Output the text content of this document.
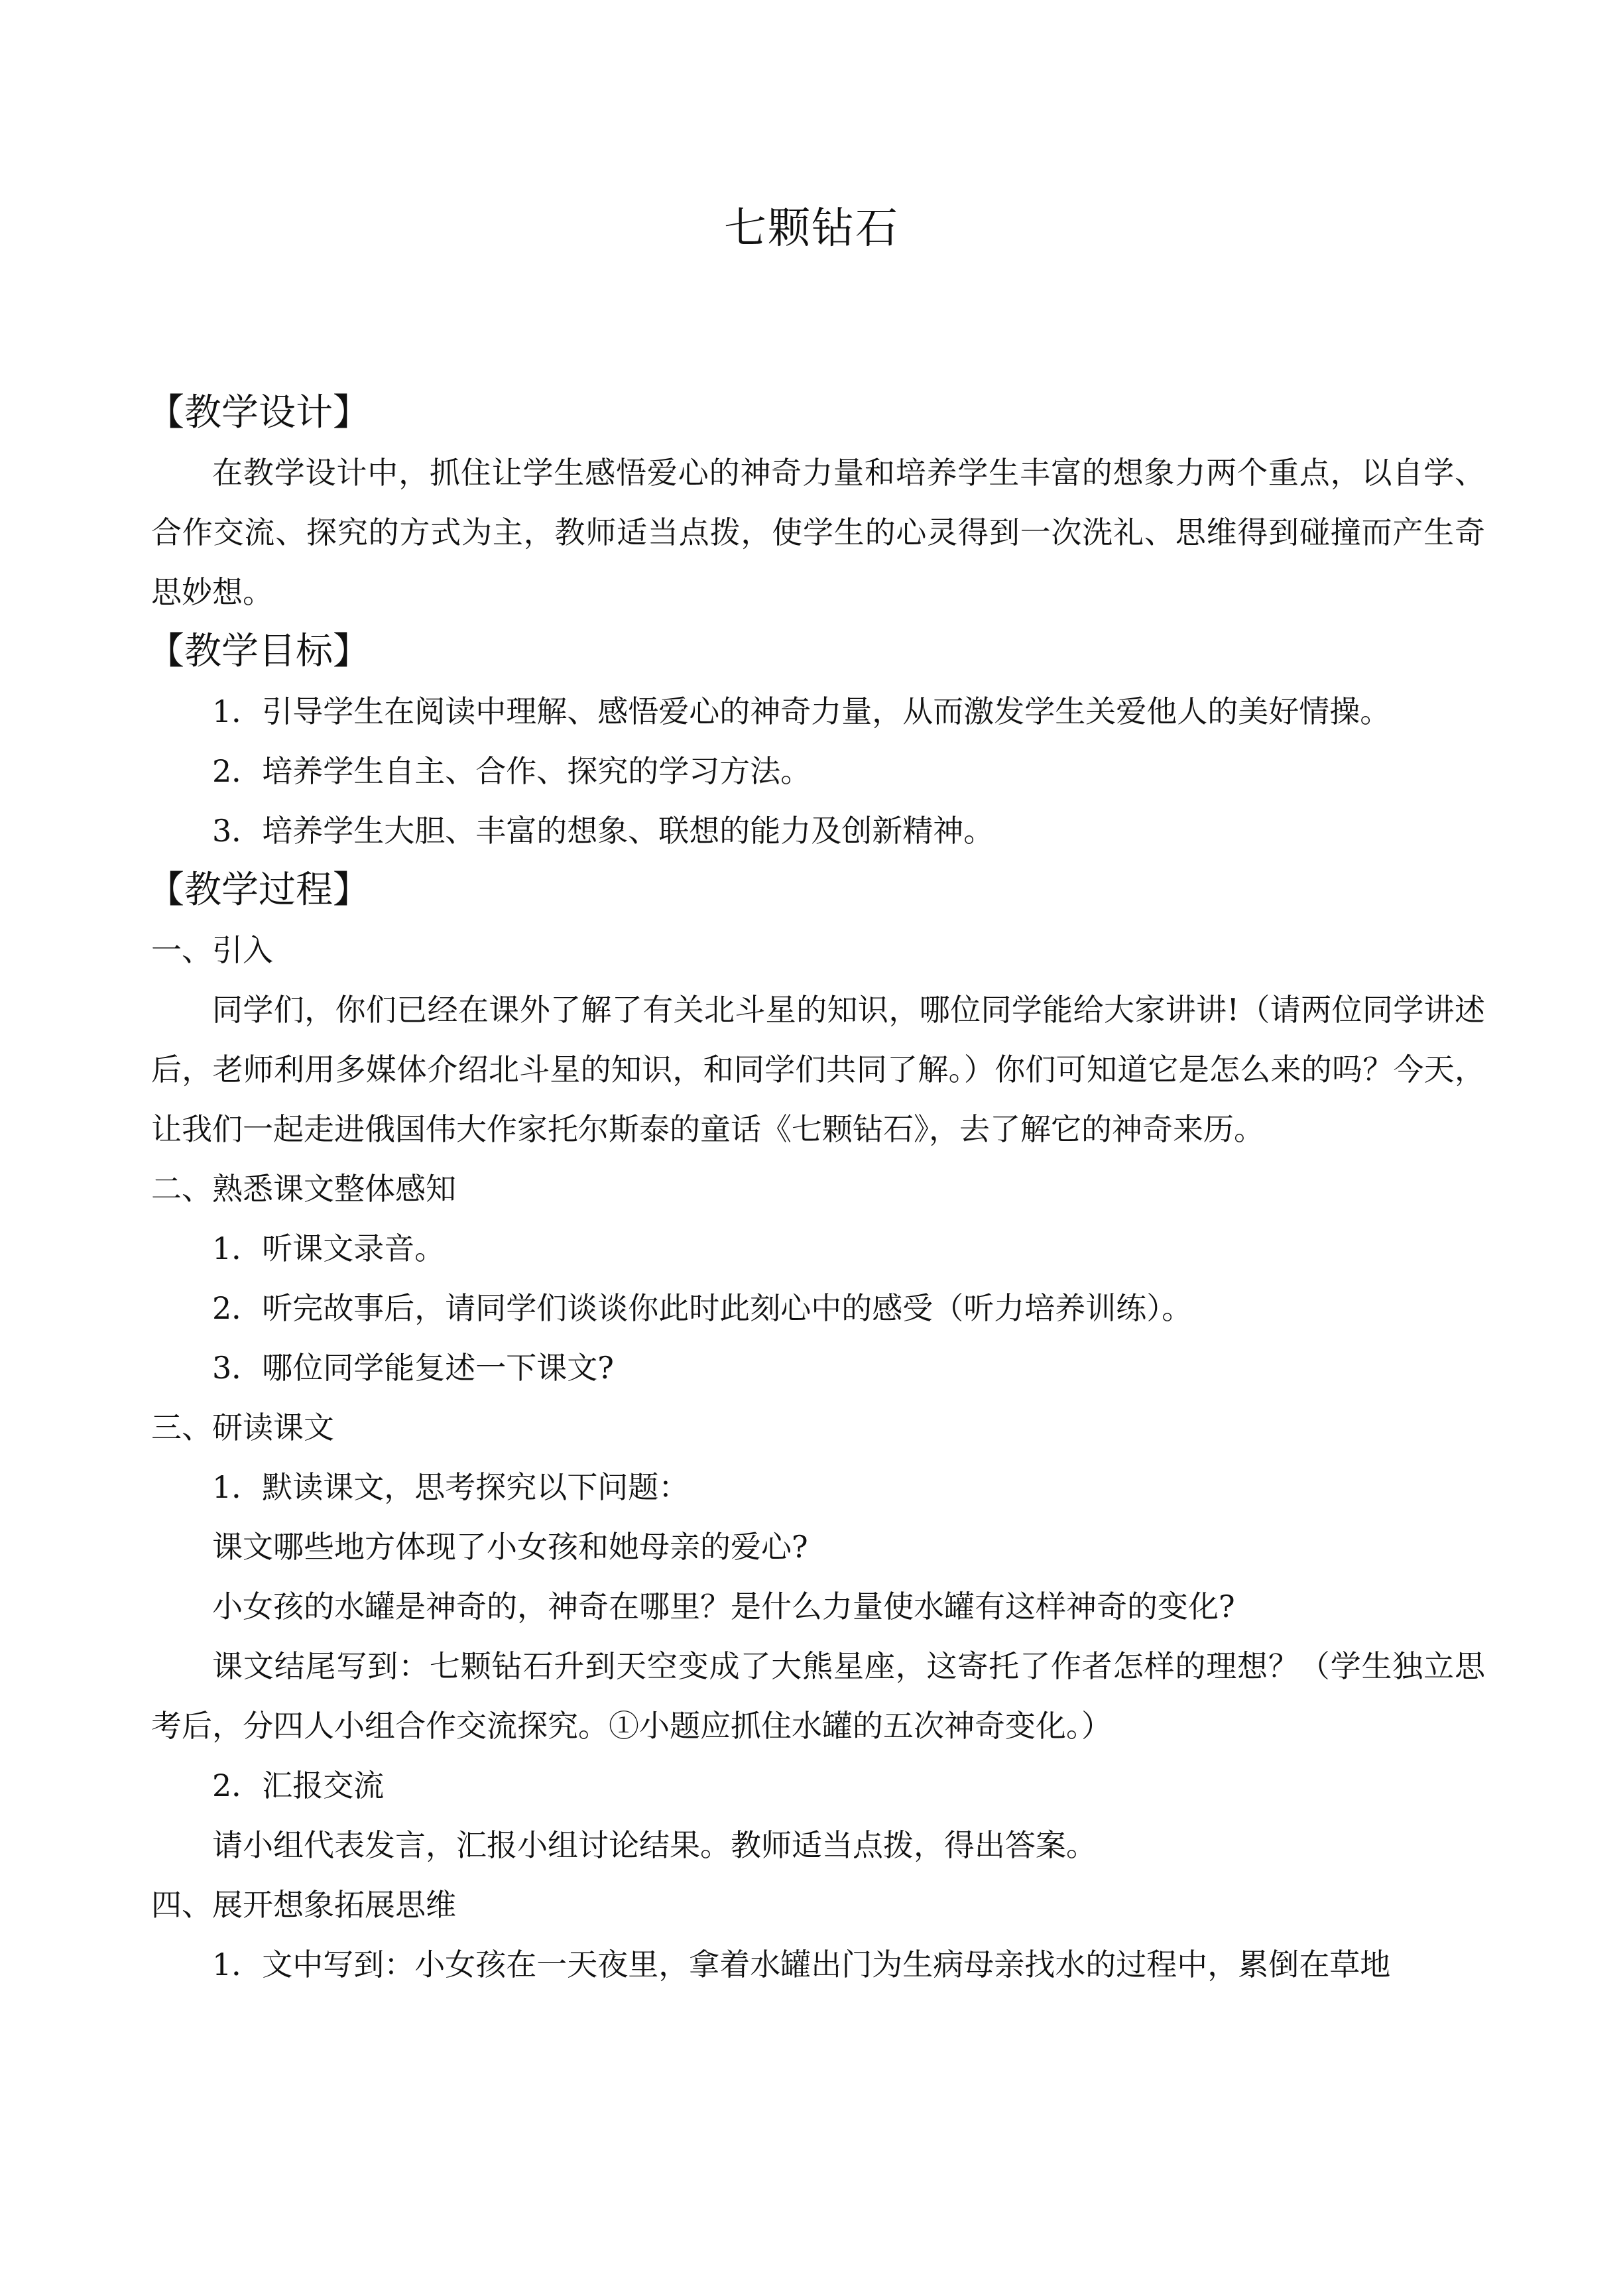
七颗钻石

【教学设计】

在教学设计中，抓住让学生感悟爱心的神奇力量和培养学生丰富的想象力两个重点，以自学、合作交流、探究的方式为主，教师适当点拨，使学生的心灵得到一次洗礼、思维得到碰撞而产生奇思妙想。

【教学目标】

1．引导学生在阅读中理解、感悟爱心的神奇力量，从而激发学生关爱他人的美好情操。

2．培养学生自主、合作、探究的学习方法。

3．培养学生大胆、丰富的想象、联想的能力及创新精神。

【教学过程】

一、引入

同学们，你们已经在课外了解了有关北斗星的知识，哪位同学能给大家讲讲!（请两位同学讲述后，老师利用多媒体介绍北斗星的知识，和同学们共同了解。）你们可知道它是怎么来的吗？今天，让我们一起走进俄国伟大作家托尔斯泰的童话《七颗钻石》，去了解它的神奇来历。

二、熟悉课文整体感知

1．听课文录音。

2．听完故事后，请同学们谈谈你此时此刻心中的感受（听力培养训练）。

3．哪位同学能复述一下课文?

三、研读课文

1．默读课文，思考探究以下问题：

课文哪些地方体现了小女孩和她母亲的爱心?

小女孩的水罐是神奇的，神奇在哪里？是什么力量使水罐有这样神奇的变化?

课文结尾写到：七颗钻石升到天空变成了大熊星座，这寄托了作者怎样的理想？（学生独立思考后，分四人小组合作交流探究。①小题应抓住水罐的五次神奇变化。）

2．汇报交流

请小组代表发言，汇报小组讨论结果。教师适当点拨，得出答案。

四、展开想象拓展思维

1．文中写到：小女孩在一天夜里，拿着水罐出门为生病母亲找水的过程中，累倒在草地
